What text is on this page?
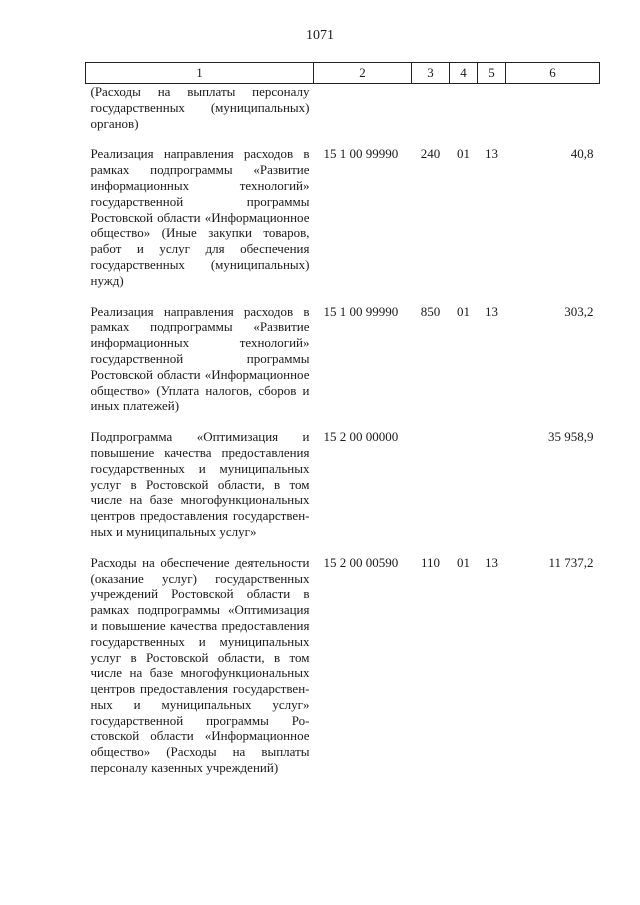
1071
1	2	3	4	5	6
(Расходы на выплаты персоналу государственных (муниципальных) органов)					
Реализация направления расходов в рамках подпрограммы «Развитие информационных технологий» государственной программы Ростовской области «Информационное общество» (Иные закупки товаров, работ и услуг для обеспечения государственных (муниципальных) нужд)	15 1 00 99990	240	01	13	40,8
Реализация направления расходов в рамках подпрограммы «Развитие информационных технологий» государственной программы Ростовской области «Информационное общество» (Уплата налогов, сборов и иных платежей)	15 1 00 99990	850	01	13	303,2
Подпрограмма «Оптимизация и повышение качества предоставления государственных и муниципальных услуг в Ростовской области, в том числе на базе многофункциональных центров предоставления государственных и муниципальных услуг»	15 2 00 00000				35 958,9
Расходы на обеспечение деятельности (оказание услуг) государственных учреждений Ростовской области в рамках подпрограммы «Оптимизация и повышение качества предоставления государственных и муниципальных услуг в Ростовской области, в том числе на базе многофункциональных центров предоставления государственных и муниципальных услуг» государственной программы Ростовской области «Информационное общество» (Расходы на выплаты персоналу казенных учреждений)	15 2 00 00590	110	01	13	11 737,2
